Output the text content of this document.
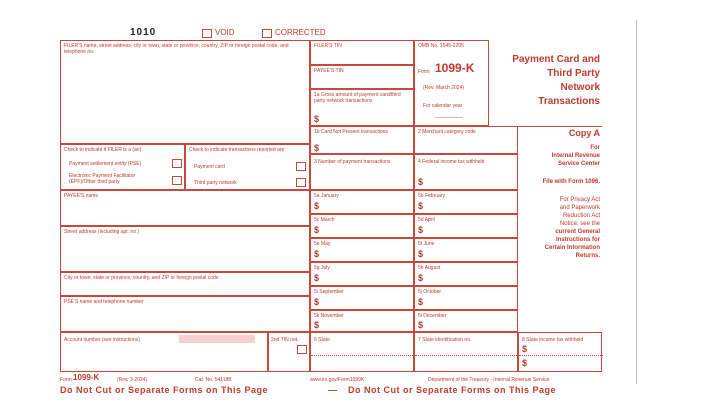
1010	VOID	CORRECTED
FILER'S name, street address, city or town, state or province, country, ZIP or foreign postal code, and telephone no.
FILER'S TIN
PAYEE'S TIN
1a Gross amount of payment card/third party network transactions
$
OMB No. 1545-2205
Form 1099-K
(Rev. March 2024)
For calendar year
__________
Payment Card and
Third Party
Network
Transactions
1b Card Not Present transactions
$
2 Merchant category code
Check to indicate if FILER is a (an):
Payment settlement entity (PSE)
Electronic Payment Facilitator (EPF)/Other third party
Check to indicate transactions reported are:
Payment card
Third party network
3 Number of payment transactions	4 Federal income tax withheld
$
PAYEE'S name
Street address (including apt. no.)
City or town, state or province, country, and ZIP or foreign postal code
PSE'S name and telephone number
Account number (see instructions)	2nd TIN not.
5a January
$
5b February
$
5c March
$
5d April
$
5e May
$
5f June
$
5g July
$
5h August
$
5i September
$
5j October
$
5k November
$
5l December
$
6 State	7 State identification no.	8 State income tax withheld
$
$
Copy A
For
Internal Revenue
Service Center
File with Form 1096.
For Privacy Act
and Paperwork
Reduction Act
Notice, see the
current General
Instructions for
Certain Information
Returns.
Form 1099-K	(Rev. 3-2024)	Cat. No. 54118B	www.irs.gov/Form1099K	Department of the Treasury - Internal Revenue Service
Do Not Cut or Separate Forms on This Page	— Do Not Cut or Separate Forms on This Page
